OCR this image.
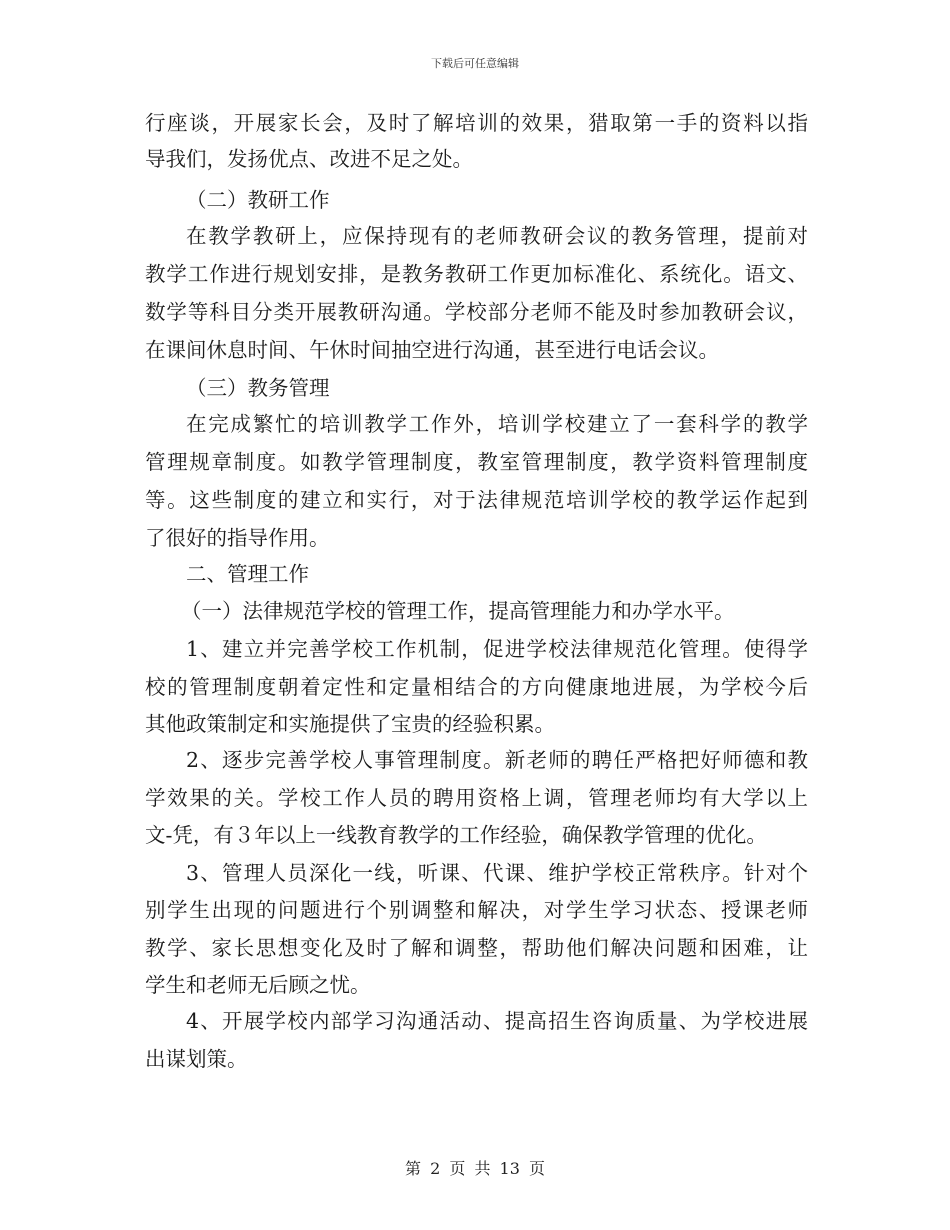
下载后可任意编辑
行座谈，开展家长会，及时了解培训的效果，猎取第一手的资料以指
导我们，发扬优点、改进不足之处。
（二）教研工作
在教学教研上，应保持现有的老师教研会议的教务管理，提前对
教学工作进行规划安排，是教务教研工作更加标准化、系统化。语文、
数学等科目分类开展教研沟通。学校部分老师不能及时参加教研会议，
在课间休息时间、午休时间抽空进行沟通，甚至进行电话会议。
（三）教务管理
在完成繁忙的培训教学工作外，培训学校建立了一套科学的教学
管理规章制度。如教学管理制度，教室管理制度，教学资料管理制度
等。这些制度的建立和实行，对于法律规范培训学校的教学运作起到
了很好的指导作用。
二、管理工作
（一）法律规范学校的管理工作，提高管理能力和办学水平。
1、建立并完善学校工作机制，促进学校法律规范化管理。使得学
校的管理制度朝着定性和定量相结合的方向健康地进展，为学校今后
其他政策制定和实施提供了宝贵的经验积累。
2、逐步完善学校人事管理制度。新老师的聘任严格把好师德和教
学效果的关。学校工作人员的聘用资格上调，管理老师均有大学以上
文-凭，有３年以上一线教育教学的工作经验，确保教学管理的优化。
3、管理人员深化一线，听课、代课、维护学校正常秩序。针对个
别学生出现的问题进行个别调整和解决，对学生学习状态、授课老师
教学、家长思想变化及时了解和调整，帮助他们解决问题和困难，让
学生和老师无后顾之忧。
4、开展学校内部学习沟通活动、提高招生咨询质量、为学校进展
出谋划策。
第 2 页 共 13 页
